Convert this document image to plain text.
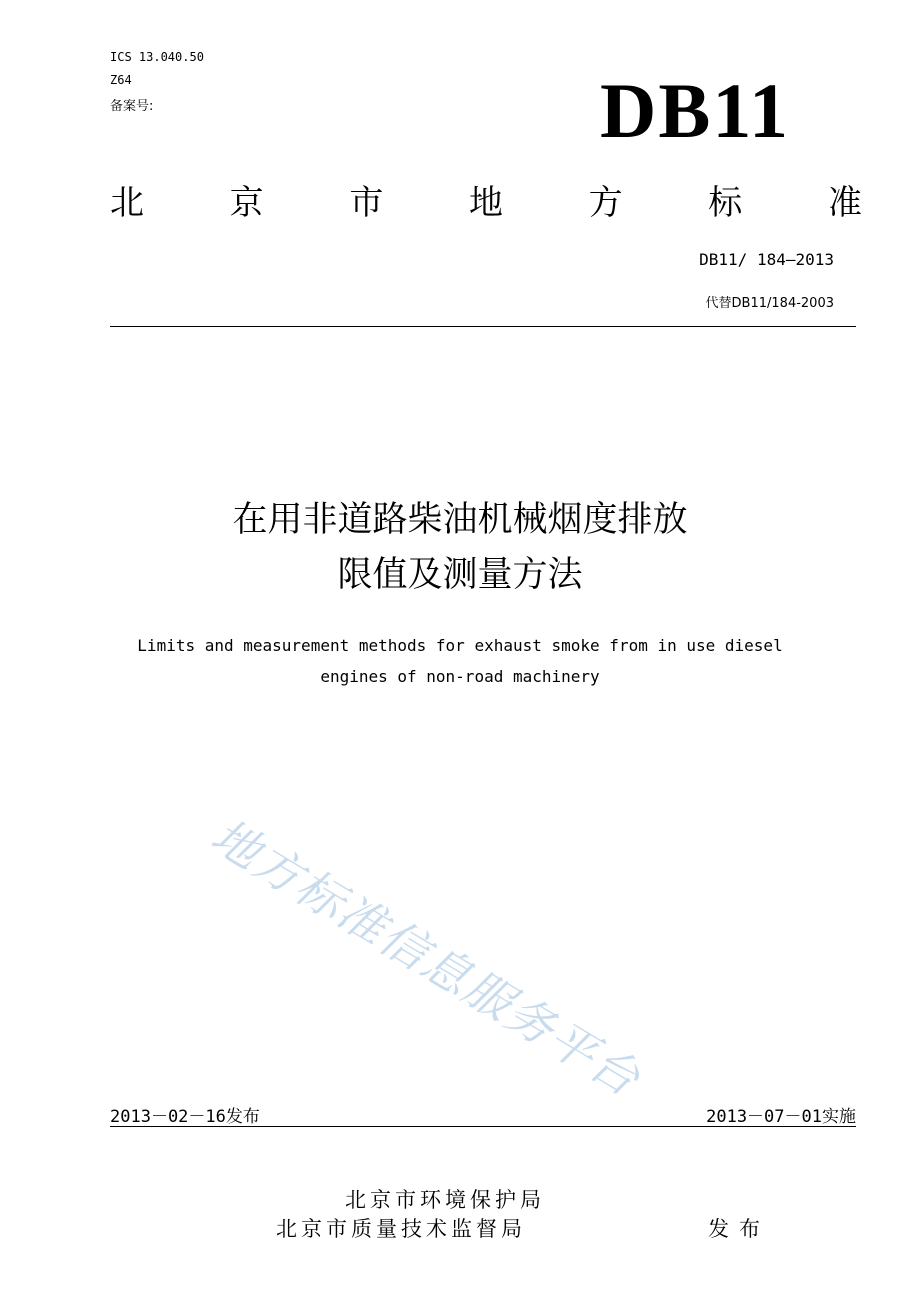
ICS 13.040.50
Z64
备案号:	DB11
北	京	市	地	方	标	准
DB11/ 184—2013
代替DB11/184-2003
在用非道路柴油机械烟度排放
限值及测量方法
Limits and measurement methods for exhaust smoke from in use diesel
engines of non-road machinery
地方标准信息服务平台
2013－02－16发布	2013－07－01实施
北京市环境保护局
北京市质量技术监督局	发布
